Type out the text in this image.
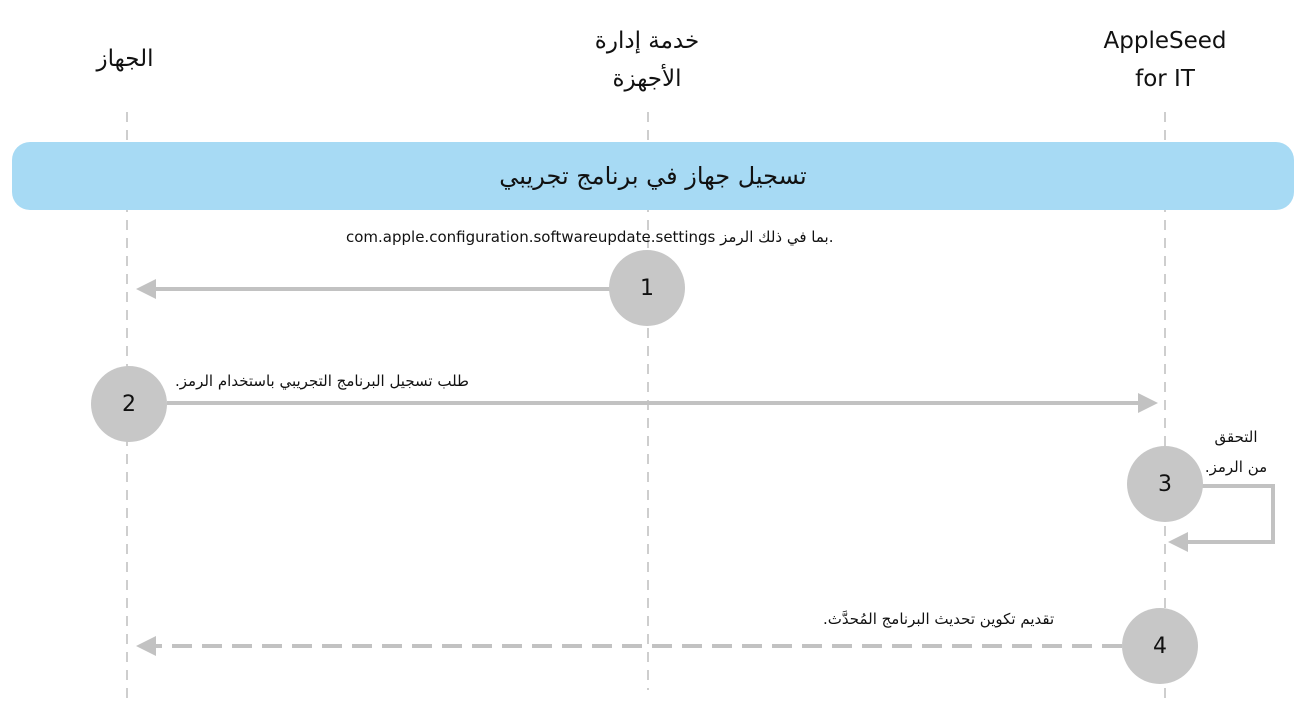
الجهاز
خدمة إدارة
الأجهزة
AppleSeed
for IT
تسجيل جهاز في برنامج تجريبي
com.apple.configuration.softwareupdate.settings بما في ذلك الرمز.
طلب تسجيل البرنامج التجريبي باستخدام الرمز.
التحقق
من الرمز.
تقديم تكوين تحديث البرنامج المُحدَّث.
1
2
3
4
